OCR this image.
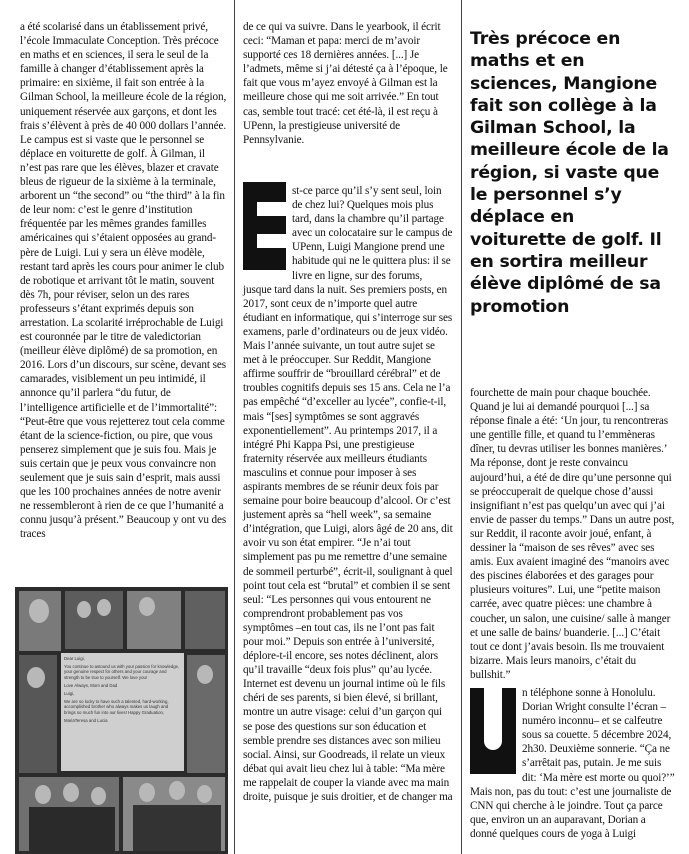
a été scolarisé dans un établissement privé, l’école Immaculate Conception. Très précoce en maths et en sciences, il sera le seul de la famille à changer d’établissement après la primaire: en sixième, il fait son entrée à la Gilman School, la meilleure école de la région, uniquement réservée aux garçons, et dont les frais s’élèvent à près de 40 000 dollars l’année. Le campus est si vaste que le personnel se déplace en voiturette de golf. À Gilman, il n’est pas rare que les élèves, blazer et cravate bleus de rigueur de la sixième à la terminale, arborent un “the second” ou “the third” à la fin de leur nom: c’est le genre d’institution fréquentée par les mêmes grandes familles américaines qui s’étaient opposées au grand-père de Luigi. Lui y sera un élève modèle, restant tard après les cours pour animer le club de robotique et arrivant tôt le matin, souvent dès 7h, pour réviser, selon un des rares professeurs s’étant exprimés depuis son arrestation. La scolarité irréprochable de Luigi est couronnée par le titre de valedictorian (meilleur élève diplômé) de sa promotion, en 2016. Lors d’un discours, sur scène, devant ses camarades, visiblement un peu intimidé, il annonce qu’il parlera “du futur, de l’intelligence artificielle et de l’immortalité”: “Peut-être que vous rejetterez tout cela comme étant de la science-fiction, ou pire, que vous penserez simplement que je suis fou. Mais je suis certain que je peux vous convaincre non seulement que je suis sain d’esprit, mais aussi que les 100 prochaines années de notre avenir ne ressembleront à rien de ce que l’humanité a connu jusqu’à présent.” Beaucoup y ont vu des traces

de ce qui va suivre. Dans le yearbook, il écrit ceci: “Maman et papa: merci de m’avoir supporté ces 18 dernières années. [...] Je l’admets, même si j’ai détesté ça à l’époque, le fait que vous m’ayez envoyé à Gilman est la meilleure chose qui me soit arrivée.” En tout cas, semble tout tracé: cet été-là, il est reçu à UPenn, la prestigieuse université de Pennsylvanie.

st-ce parce qu’il s’y sent seul, loin de chez lui? Quelques mois plus tard, dans la chambre qu’il partage avec un colocataire sur le campus de UPenn, Luigi Mangione prend une habitude qui ne le quittera plus: il se livre en ligne, sur des forums, jusque tard dans la nuit. Ses premiers posts, en 2017, sont ceux de n’importe quel autre étudiant en informatique, qui s’interroge sur ses examens, parle d’ordinateurs ou de jeux vidéo. Mais l’année suivante, un tout autre sujet se met à le préoccuper. Sur Reddit, Mangione affirme souffrir de “brouillard cérébral” et de troubles cognitifs depuis ses 15 ans. Cela ne l’a pas empêché “d’exceller au lycée”, confie-t-il, mais “[ses] symptômes se sont aggravés exponentiellement”. Au printemps 2017, il a intégré Phi Kappa Psi, une prestigieuse fraternity réservée aux meilleurs étudiants masculins et connue pour imposer à ses aspirants membres de se réunir deux fois par semaine pour boire beaucoup d’alcool. Or c’est justement après sa “hell week”, sa semaine d’intégration, que Luigi, alors âgé de 20 ans, dit avoir vu son état empirer. “Je n’ai tout simplement pas pu me remettre d’une semaine de sommeil perturbé”, écrit-il, soulignant à quel point tout cela est “brutal” et combien il se sent seul: “Les personnes qui vous entourent ne comprendront probablement pas vos symptômes –en tout cas, ils ne l’ont pas fait pour moi.” Depuis son entrée à l’université, déplore-t-il encore, ses notes déclinent, alors qu’il travaille “deux fois plus” qu’au lycée. Internet est devenu un journal intime où le fils chéri de ses parents, si bien élevé, si brillant, montre un autre visage: celui d’un garçon qui se pose des questions sur son éducation et semble prendre ses distances avec son milieu social. Ainsi, sur Goodreads, il relate un vieux débat qui avait lieu chez lui à table: “Ma mère me rappelait de couper la viande avec ma main droite, puisque je suis droitier, et de changer ma

Très précoce en maths et en sciences, Mangione fait son collège à la Gilman School, la meilleure école de la région, si vaste que le personnel s’y déplace en voiturette de golf. Il en sortira meilleur élève diplômé de sa promotion

fourchette de main pour chaque bouchée. Quand je lui ai demandé pourquoi [...] sa réponse finale a été: ‘Un jour, tu rencontreras une gentille fille, et quand tu l’emmèneras dîner, tu devras utiliser les bonnes manières.’ Ma réponse, dont je reste convaincu aujourd’hui, a été de dire qu’une personne qui se préoccuperait de quelque chose d’aussi insignifiant n’est pas quelqu’un avec qui j’ai envie de passer du temps.” Dans un autre post, sur Reddit, il raconte avoir joué, enfant, à dessiner la “maison de ses rêves” avec ses amis. Eux avaient imaginé des “manoirs avec des piscines élaborées et des garages pour plusieurs voitures”. Lui, une “petite maison carrée, avec quatre pièces: une chambre à coucher, un salon, une cuisine/ salle à manger et une salle de bains/ buanderie. [...] C’était tout ce dont j’avais besoin. Ils me trouvaient bizarre. Mais leurs manoirs, c’était du bullshit.”

n téléphone sonne à Honolulu. Dorian Wright consulte l’écran –numéro inconnu– et se calfeutre sous sa couette. 5 décembre 2024, 2h30. Deuxième sonnerie. “Ça ne s’arrêtait pas, putain. Je me suis dit: ‘Ma mère est morte ou quoi?’” Mais non, pas du tout: c’est une journaliste de CNN qui cherche à le joindre. Tout ça parce que, environ un an auparavant, Dorian a donné quelques cours de yoga à Luigi

Dear Luigi,

You continue to astound us with your passion for knowledge, your genuine respect for others and your courage and strength to be true to yourself. We love you!

Love Always, Mom and Dad

Luigi,

We are so lucky to have such a talented, hard-working, accomplished brother who always makes us laugh and brings so much fun into our lives! Happy Graduation,

MariaTeresa and Lucia
